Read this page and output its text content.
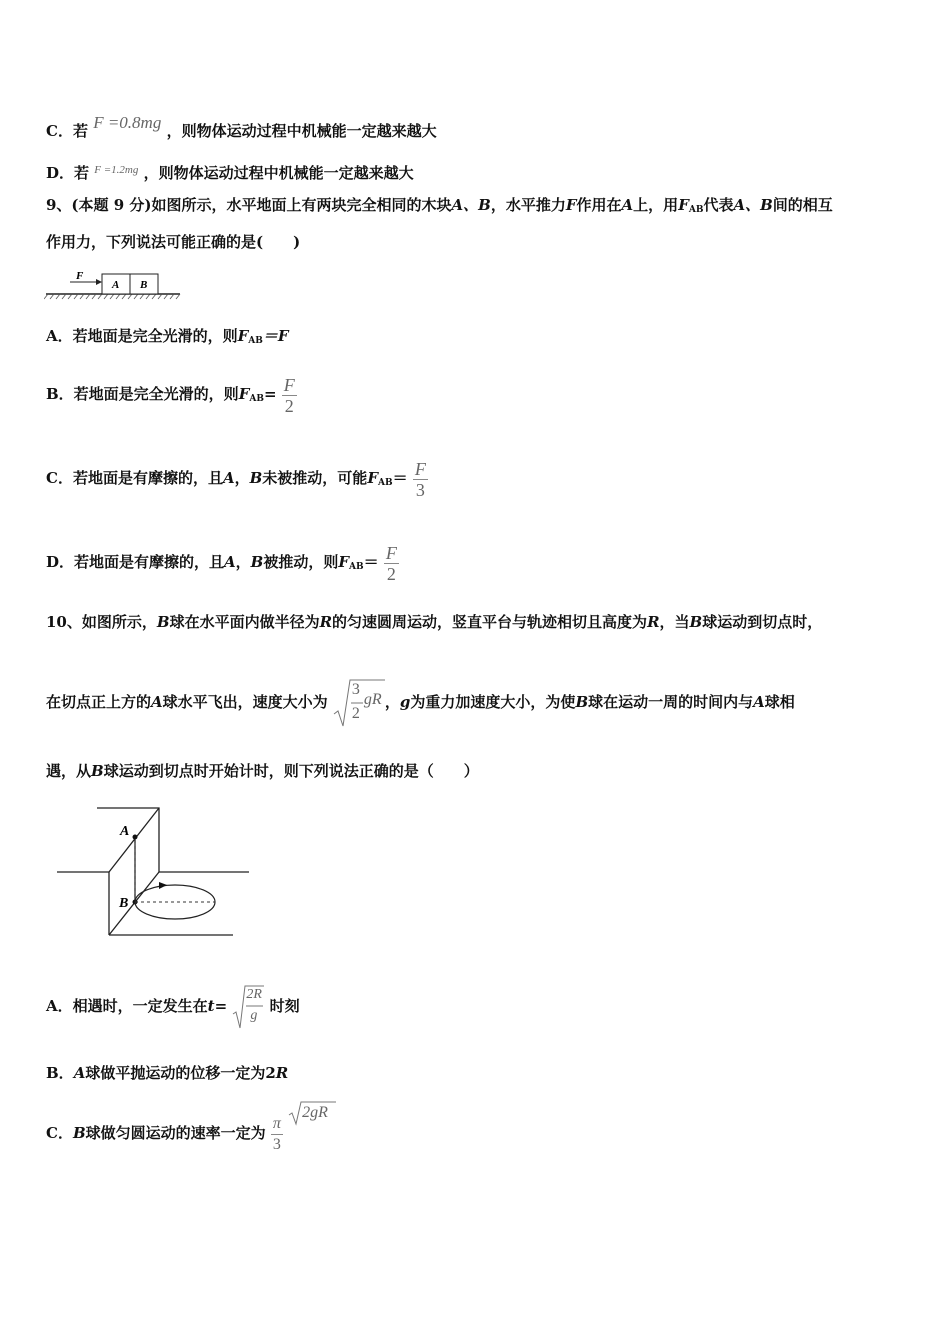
C．若 F =0.8mg ，则物体运动过程中机械能一定越来越大
D．若 $^{F =1.2mg}$ ，则物体运动过程中机械能一定越来越大
9、(本题 9 分)如图所示，水平地面上有两块完全相同的木块A、B，水平推力F作用在A上，用$F_{AB}$代表A、B间的相互
作用力，下列说法可能正确的是(　　)
F
A B
A．若地面是完全光滑的，则$F_{AB}=F$
B．若地面是完全光滑的，则$F_{AB}= \frac{F}{2}$
C．若地面是有摩擦的，且A，B未被推动，可能$F_{AB}= \frac{F}{3}$
D．若地面是有摩擦的，且A，B被推动，则$F_{AB}= \frac{F}{2}$
10、如图所示，B球在水平面内做半径为R的匀速圆周运动，竖直平台与轨迹相切且高度为R，当B球运动到切点时，
在切点正上方的A球水平飞出，速度大小为
3
2
gR ，g为重力加速度大小，为使B球在运动一周的时间内与A球相
遇，从B球运动到切点时开始计时，则下列说法正确的是（　　）
A
B
A．相遇时，一定发生在t=
2R
g
时刻
B．A球做平抛运动的位移一定为2R
C．B球做匀圆运动的速率一定为 $\frac{\pi}{3}$

2gR
